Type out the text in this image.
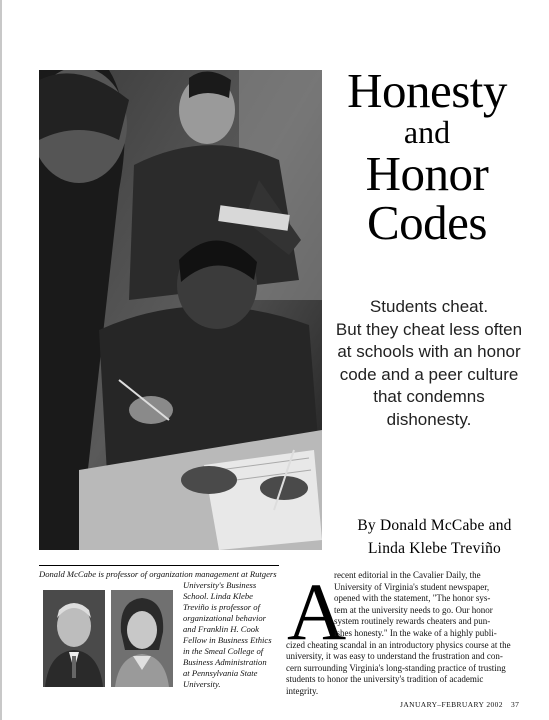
Honesty
and
Honor
Codes
Students cheat.
But they cheat less often
at schools with an honor
code and a peer culture
that condemns
dishonesty.
By Donald McCabe and
Linda Klebe Treviño
Donald McCabe is professor of organization management at Rutgers
University's Business
School. Linda Klebe
Treviño is professor of
organizational behavior
and Franklin H. Cook
Fellow in Business Ethics
in the Smeal College of
Business Administration
at Pennsylvania State
University.
A
recent editorial in the Cavalier Daily, the
University of Virginia's student newspaper,
opened with the statement, "The honor sys-
tem at the university needs to go. Our honor
system routinely rewards cheaters and pun-
ishes honesty." In the wake of a highly publi-
cized cheating scandal in an introductory physics course at the
university, it was easy to understand the frustration and con-
cern surrounding Virginia's long-standing practice of trusting
students to honor the university's tradition of academic
integrity.
JANUARY–FEBRUARY 2002 37
